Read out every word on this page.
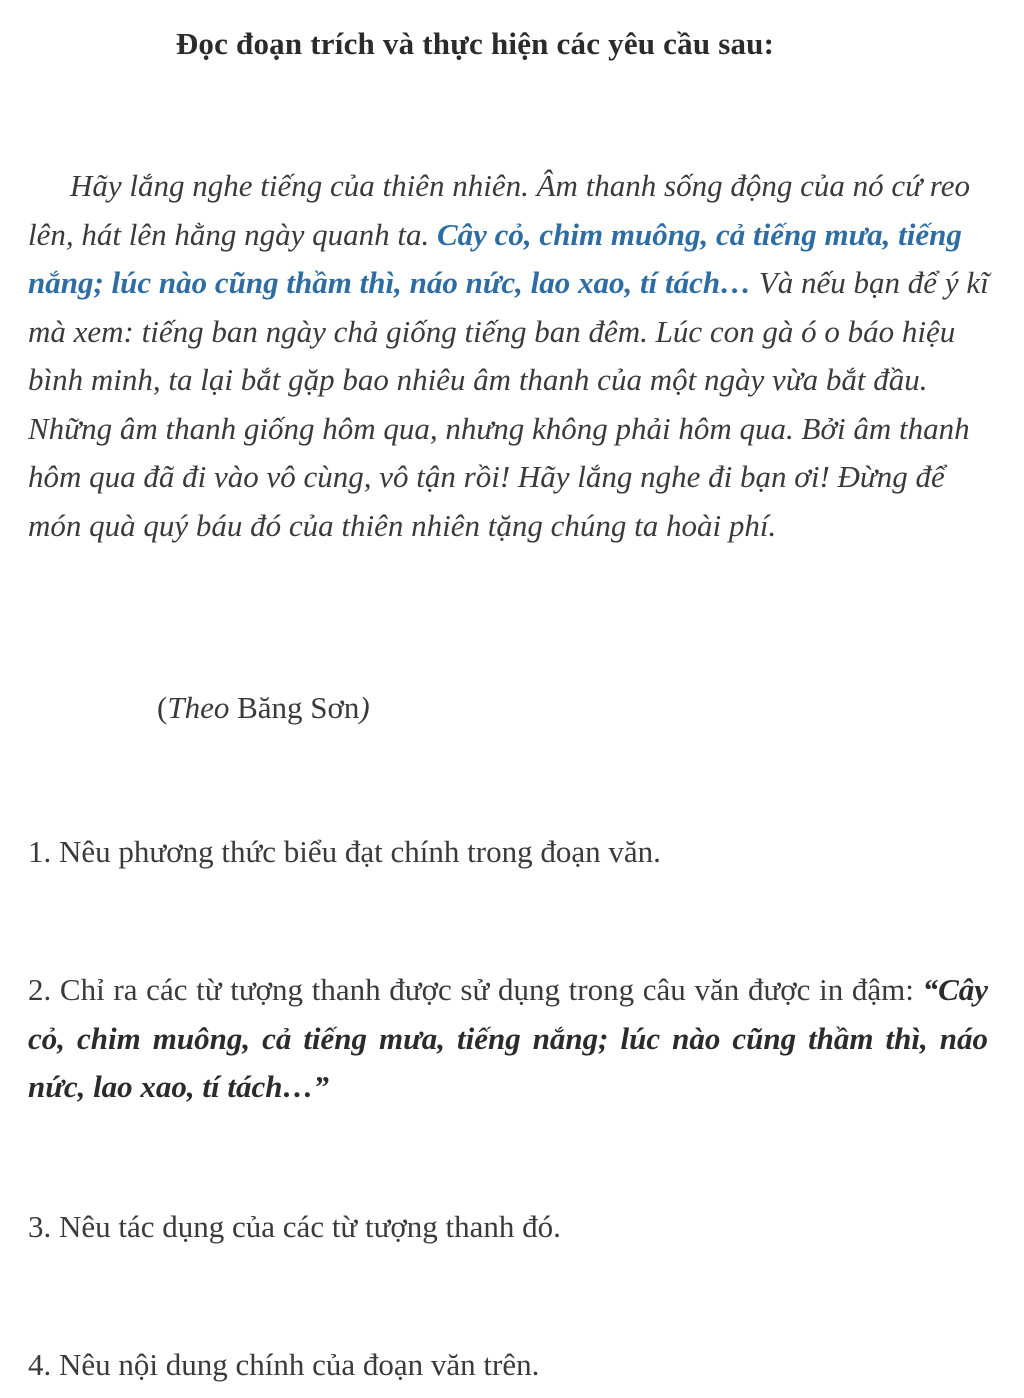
Đọc đoạn trích và thực hiện các yêu cầu sau:

Hãy lắng nghe tiếng của thiên nhiên. Âm thanh sống động của nó cứ reo lên, hát lên hằng ngày quanh ta. Cây cỏ, chim muông, cả tiếng mưa, tiếng nắng; lúc nào cũng thầm thì, náo nức, lao xao, tí tách… Và nếu bạn để ý kĩ mà xem: tiếng ban ngày chả giống tiếng ban đêm. Lúc con gà ó o báo hiệu bình minh, ta lại bắt gặp bao nhiêu âm thanh của một ngày vừa bắt đầu. Những âm thanh giống hôm qua, nhưng không phải hôm qua. Bởi âm thanh hôm qua đã đi vào vô cùng, vô tận rồi! Hãy lắng nghe đi bạn ơi! Đừng để món quà quý báu đó của thiên nhiên tặng chúng ta hoài phí.

(Theo Băng Sơn)

1. Nêu phương thức biểu đạt chính trong đoạn văn.

2. Chỉ ra các từ tượng thanh được sử dụng trong câu văn được in đậm: “Cây cỏ, chim muông, cả tiếng mưa, tiếng nắng; lúc nào cũng thầm thì, náo nức, lao xao, tí tách…”

3. Nêu tác dụng của các từ tượng thanh đó.

4. Nêu nội dung chính của đoạn văn trên.
